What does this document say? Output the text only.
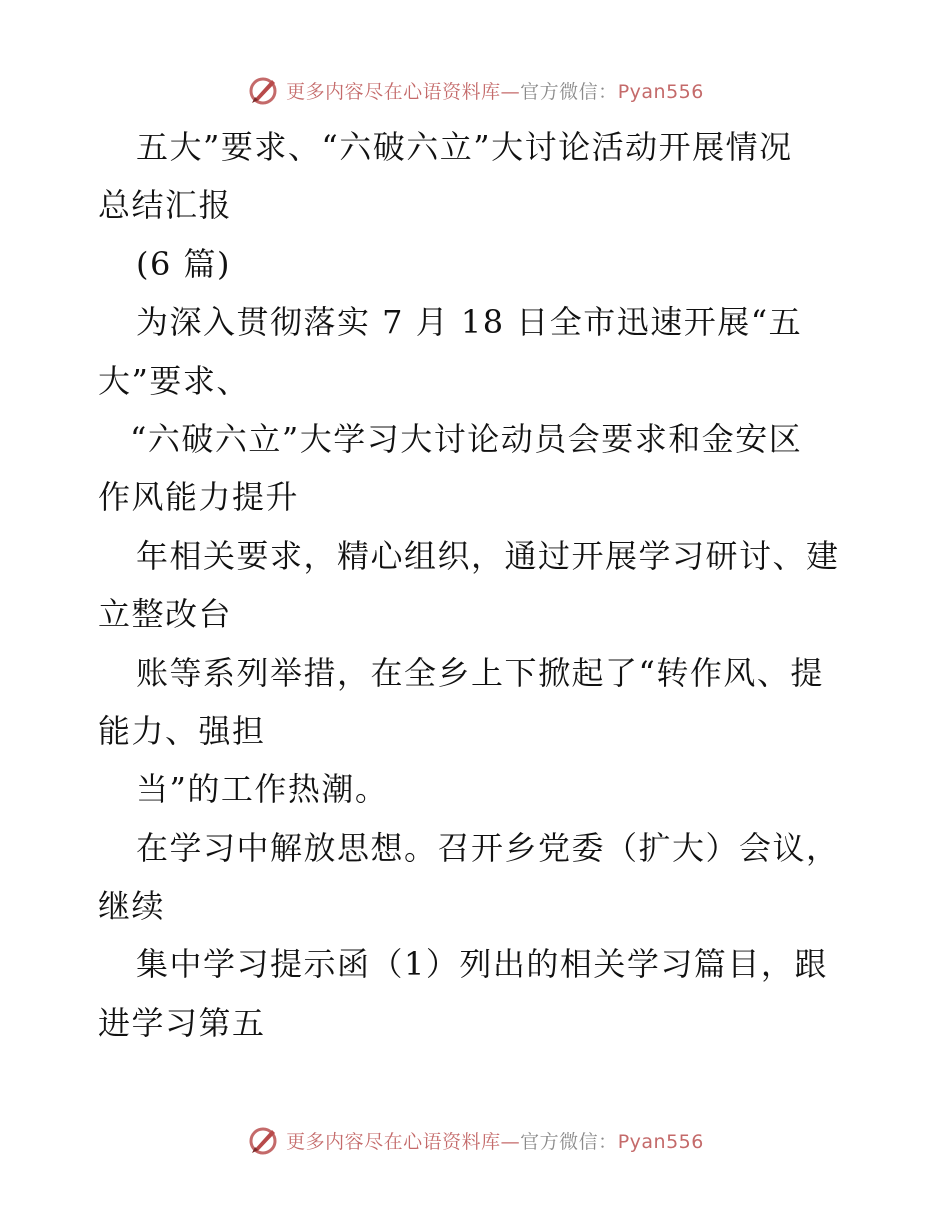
更多内容尽在心语资料库—官方微信：Pyan556
五大”要求、“六破六立”大讨论活动开展情况
总结汇报
(6 篇)
为深入贯彻落实 7 月 18 日全市迅速开展“五
大”要求、
“六破六立”大学习大讨论动员会要求和金安区
作风能力提升
年相关要求，精心组织，通过开展学习研讨、建
立整改台
账等系列举措，在全乡上下掀起了“转作风、提
能力、强担
当”的工作热潮。
在学习中解放思想。召开乡党委（扩大）会议，
继续
集中学习提示函（1）列出的相关学习篇目，跟
进学习第五
更多内容尽在心语资料库—官方微信：Pyan556
